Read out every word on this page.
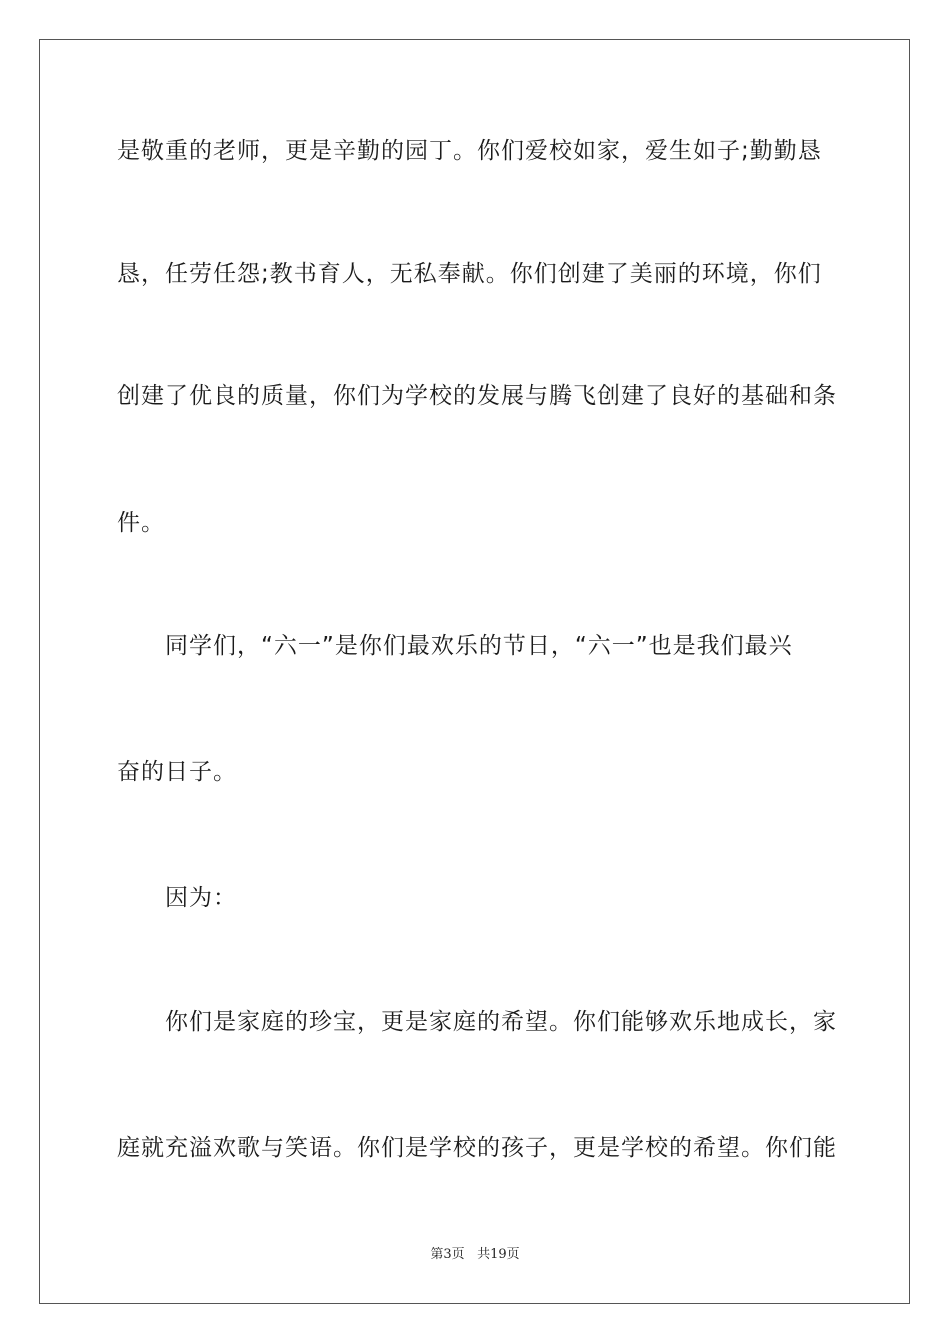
是敬重的老师，更是辛勤的园丁。你们爱校如家，爱生如子;勤勤恳
恳，任劳任怨;教书育人，无私奉献。你们创建了美丽的环境，你们
创建了优良的质量，你们为学校的发展与腾飞创建了良好的基础和条
件。
同学们，“六一”是你们最欢乐的节日，“六一”也是我们最兴
奋的日子。
因为：
你们是家庭的珍宝，更是家庭的希望。你们能够欢乐地成长，家
庭就充溢欢歌与笑语。你们是学校的孩子，更是学校的希望。你们能
第3页 共19页
